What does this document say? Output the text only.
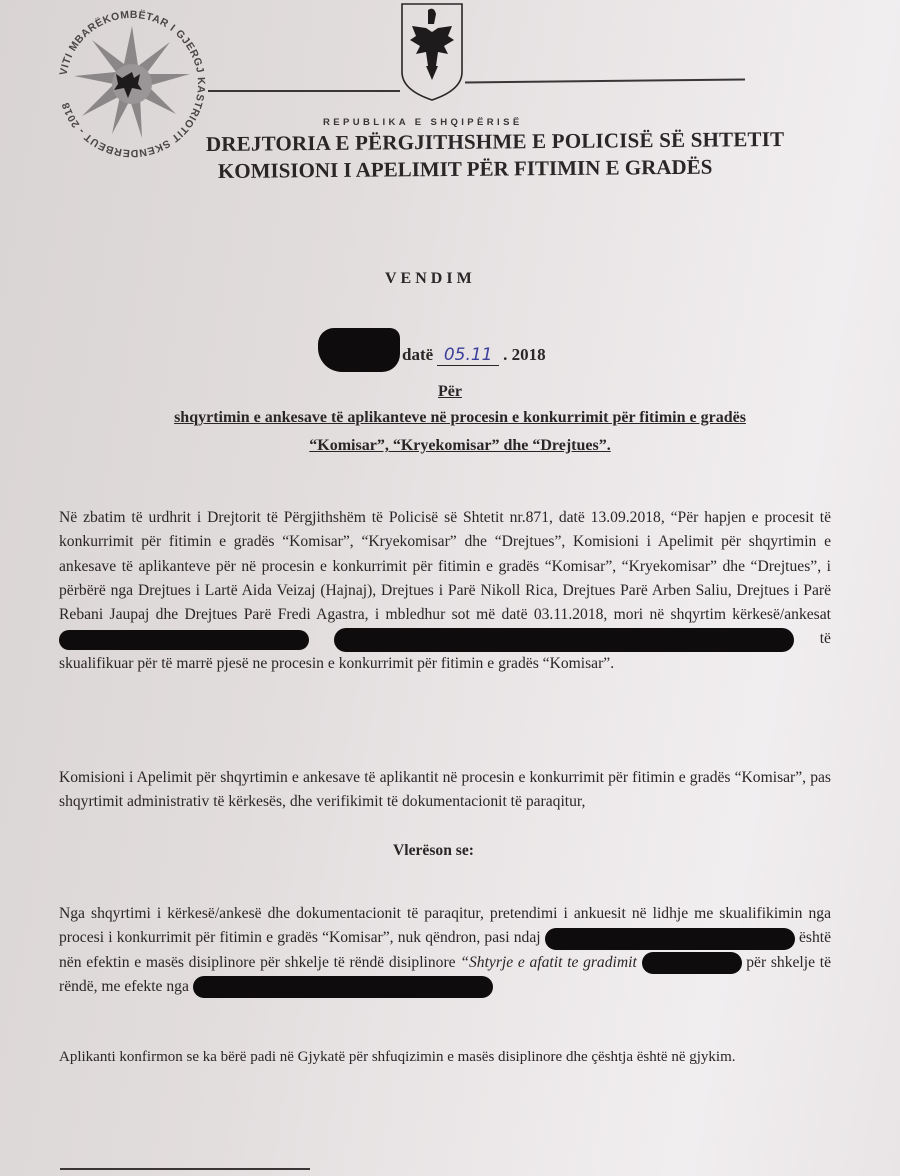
VITI MBARËKOMBËTAR I GJERGJ KASTRIOTIT SKENDERBEUT - 2018
REPUBLIKA E SHQIPËRISË
DREJTORIA E PËRGJITHSHME E POLICISË SË SHTETIT
KOMISIONI I APELIMIT PËR FITIMIN E GRADËS
VENDIM
datë 05.11 . 2018
Për
shqyrtimin e ankesave të aplikanteve në procesin e konkurrimit për fitimin e gradës
“Komisar”, “Kryekomisar” dhe “Drejtues”.
Në zbatim të urdhrit i Drejtorit të Përgjithshëm të Policisë së Shtetit nr.871, datë 13.09.2018, “Për hapjen e procesit të konkurrimit për fitimin e gradës “Komisar”, “Kryekomisar” dhe “Drejtues”, Komisioni i Apelimit për shqyrtimin e ankesave të aplikanteve për në procesin e konkurrimit për fitimin e gradës “Komisar”, “Kryekomisar” dhe “Drejtues”, i përbërë nga Drejtues i Lartë Aida Veizaj (Hajnaj), Drejtues i Parë Nikoll Rica, Drejtues Parë Arben Saliu, Drejtues i Parë Rebani Jaupaj dhe Drejtues Parë Fredi Agastra, i mbledhur sot më datë 03.11.2018, mori në shqyrtim kërkesë/ankesat   të skualifikuar për të marrë pjesë ne procesin e konkurrimit për fitimin e gradës “Komisar”.
Komisioni i Apelimit për shqyrtimin e ankesave të aplikantit në procesin e konkurrimit për fitimin e gradës “Komisar”, pas shqyrtimit administrativ të kërkesës, dhe verifikimit të dokumentacionit të paraqitur,
Vlerëson se:
Nga shqyrtimi i kërkesë/ankesë dhe dokumentacionit të paraqitur, pretendimi i ankuesit në lidhje me skualifikimin nga procesi i konkurrimit për fitimin e gradës “Komisar”, nuk qëndron, pasi ndaj	është nën efektin e masës disiplinore për shkelje të rëndë disiplinore “Shtyrje e afatit te gradimit	për shkelje të rëndë, me efekte nga
Aplikanti konfirmon se ka bërë padi në Gjykatë për shfuqizimin e masës disiplinore dhe çështja është në gjykim.
